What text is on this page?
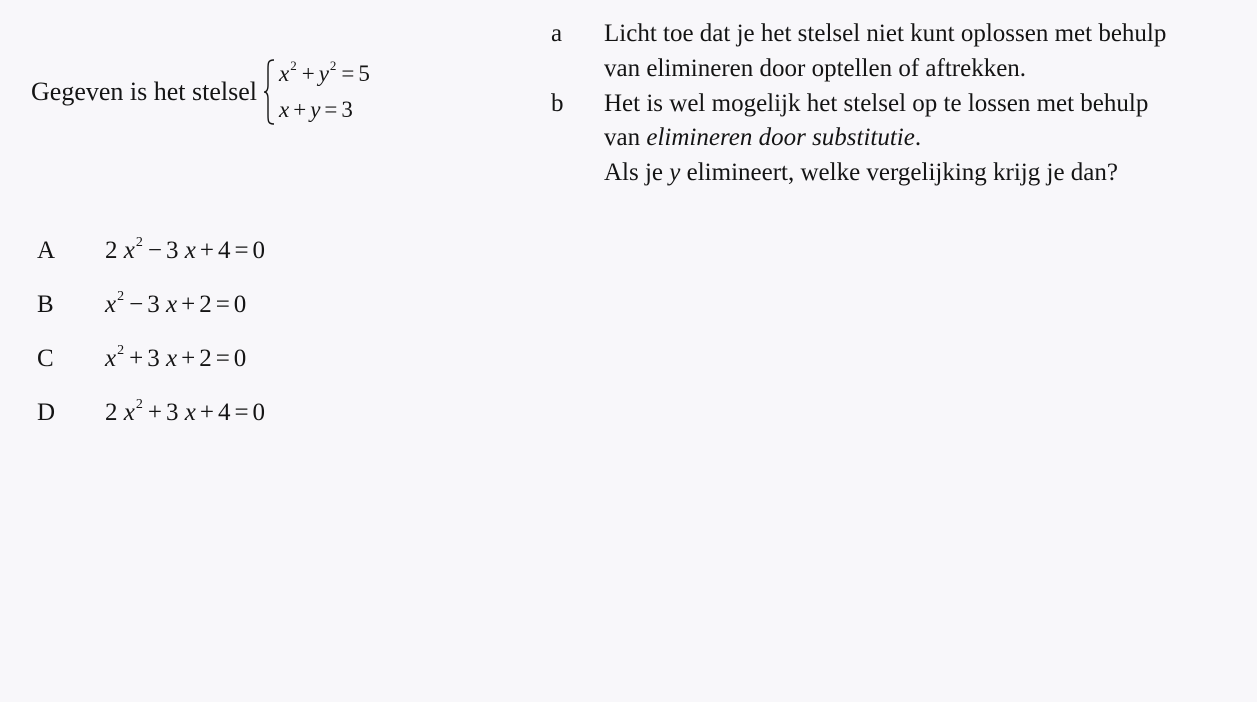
Gegeven is het stelsel
$x^2 + y^2 = 5$
x + y = 3
a Licht toe dat je het stelsel niet kunt oplossen met behulp
van elimineren door optellen of aftrekken.
b Het is wel mogelijk het stelsel op te lossen met behulp
van elimineren door substitutie.
Als je y elimineert, welke vergelijking krijg je dan?
A 2 $x^2 - 3$ x + 4 = 0
B $x^2 - 3$ x + 2 = 0
C $x^2 + 3$ x + 2 = 0
D 2 $x^2 + 3$ x + 4 = 0
